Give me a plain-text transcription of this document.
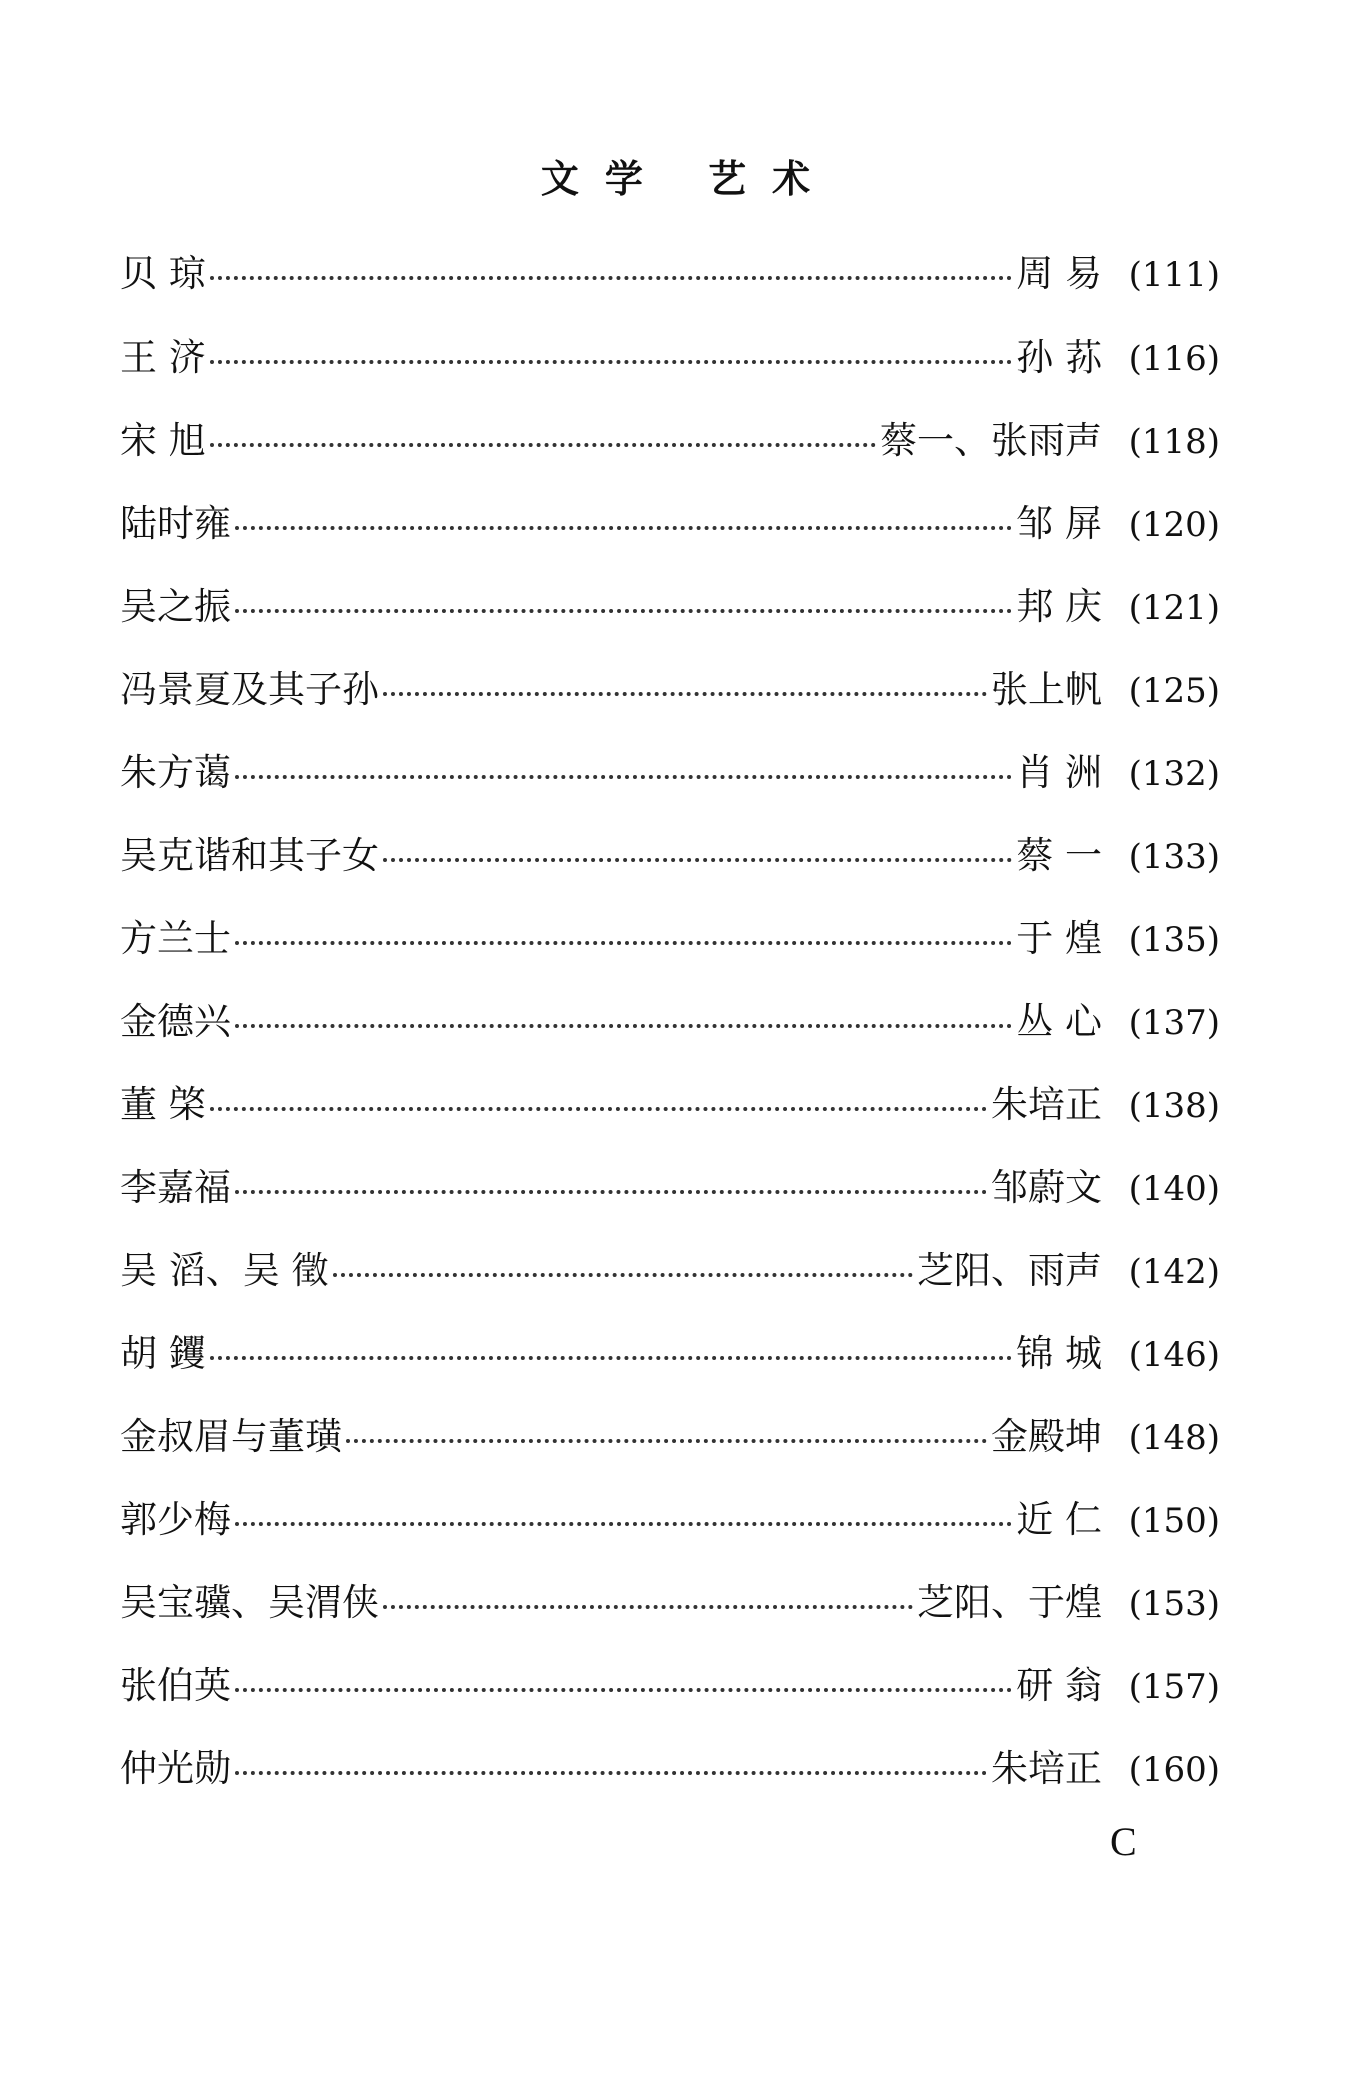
文学 艺术
贝 琼	周 易 (111)
王 济	孙 荪 (116)
宋 旭	蔡一、张雨声 (118)
陆时雍	邹 屏 (120)
吴之振	邦 庆 (121)
冯景夏及其子孙	张上帆 (125)
朱方蔼	肖 洲 (132)
吴克谐和其子女	蔡 一 (133)
方兰士	于 煌 (135)
金德兴	丛 心 (137)
董 棨	朱培正 (138)
李嘉福	邹蔚文 (140)
吴 滔、吴 徵	芝阳、雨声 (142)
胡 钁	锦 城 (146)
金叔眉与董璜	金殿坤 (148)
郭少梅	近 仁 (150)
吴宝骥、吴渭侠	芝阳、于煌 (153)
张伯英	研 翁 (157)
仲光勋	朱培正 (160)
C
